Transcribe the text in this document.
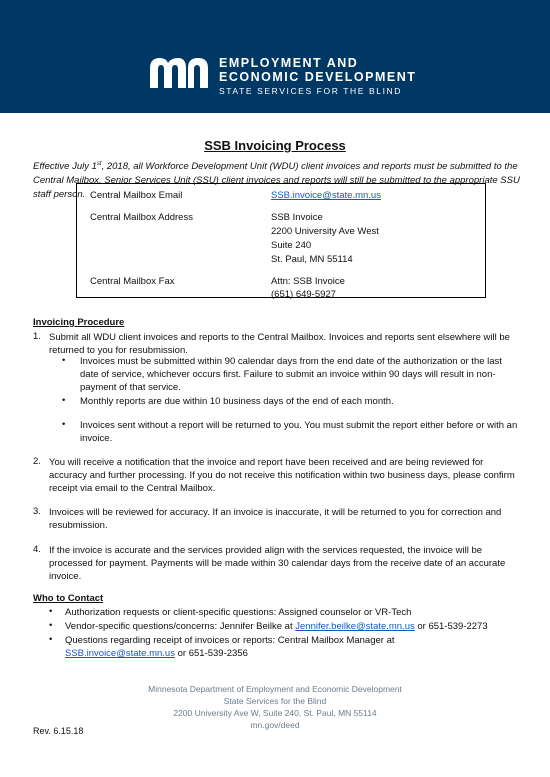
EMPLOYMENT AND
ECONOMIC DEVELOPMENT
STATE SERVICES FOR THE BLIND
SSB Invoicing Process
Effective July 1st, 2018, all Workforce Development Unit (WDU) client invoices and reports must be submitted to the Central Mailbox. Senior Services Unit (SSU) client invoices and reports will still be submitted to the appropriate SSU staff person. Central Mailbox Email	SSB.invoice@state.mn.us
Central Mailbox Address	SSB Invoice
2200 University Ave West
Suite 240
St. Paul, MN 55114
Central Mailbox Fax	Attn: SSB Invoice
(651) 649-5927
Invoicing Procedure
1. Submit all WDU client invoices and reports to the Central Mailbox. Invoices and reports sent elsewhere will be returned to you for resubmission.
• Invoices must be submitted within 90 calendar days from the end date of the authorization or the last date of service, whichever occurs first. Failure to submit an invoice within 90 days will result in non-payment of that service.
• Monthly reports are due within 10 business days of the end of each month.
• Invoices sent without a report will be returned to you. You must submit the report either before or with an invoice.
2. You will receive a notification that the invoice and report have been received and are being reviewed for accuracy and further processing. If you do not receive this notification within two business days, please confirm receipt via email to the Central Mailbox.
3. Invoices will be reviewed for accuracy. If an invoice is inaccurate, it will be returned to you for correction and resubmission.
4. If the invoice is accurate and the services provided align with the services requested, the invoice will be processed for payment. Payments will be made within 30 calendar days from the receive date of an accurate invoice.
Who to Contact
• Authorization requests or client-specific questions: Assigned counselor or VR-Tech
• Vendor-specific questions/concerns: Jennifer Beilke at Jennifer.beilke@state.mn.us or 651-539-2273
• Questions regarding receipt of invoices or reports: Central Mailbox Manager at
SSB.invoice@state.mn.us or 651-539-2356
Minnesota Department of Employment and Economic Development
State Services for the Blind
2200 University Ave W, Suite 240, St. Paul, MN 55114
mn.gov/deed
Rev. 6.15.18
